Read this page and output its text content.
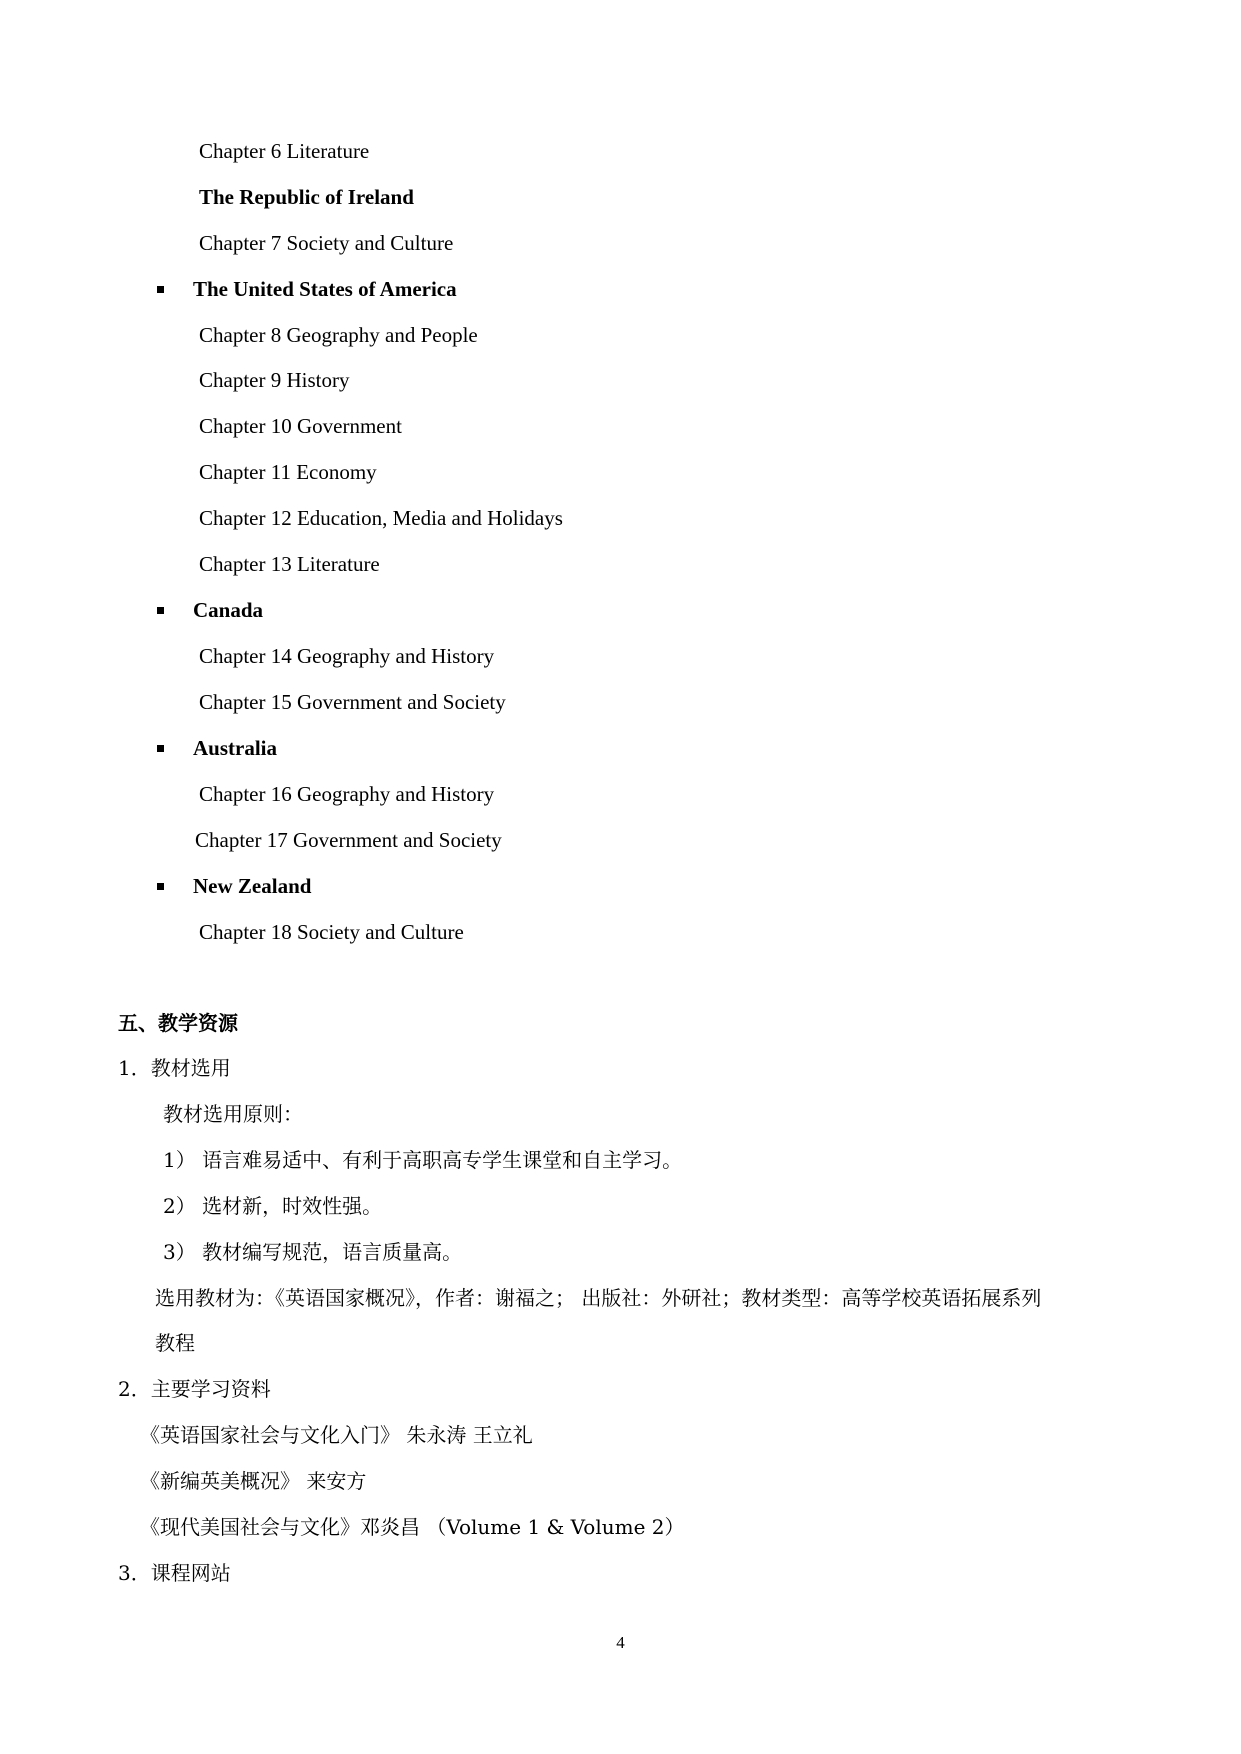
Chapter 6 Literature
The Republic of Ireland
Chapter 7 Society and Culture
The United States of America
Chapter 8 Geography and People
Chapter 9 History
Chapter 10 Government
Chapter 11 Economy
Chapter 12 Education, Media and Holidays
Chapter 13 Literature
Canada
Chapter 14 Geography and History
Chapter 15 Government and Society
Australia
Chapter 16 Geography and History
Chapter 17 Government and Society
New Zealand
Chapter 18 Society and Culture
五、教学资源
1．教材选用
教材选用原则：
1） 语言难易适中、有利于高职高专学生课堂和自主学习。
2） 选材新，时效性强。
3） 教材编写规范，语言质量高。
选用教材为：《英语国家概况》，作者：谢福之； 出版社：外研社；教材类型：高等学校英语拓展系列
教程
2．主要学习资料
《英语国家社会与文化入门》 朱永涛 王立礼
《新编英美概况》 来安方
《现代美国社会与文化》邓炎昌 （Volume 1 & Volume 2）
3．课程网站
4
